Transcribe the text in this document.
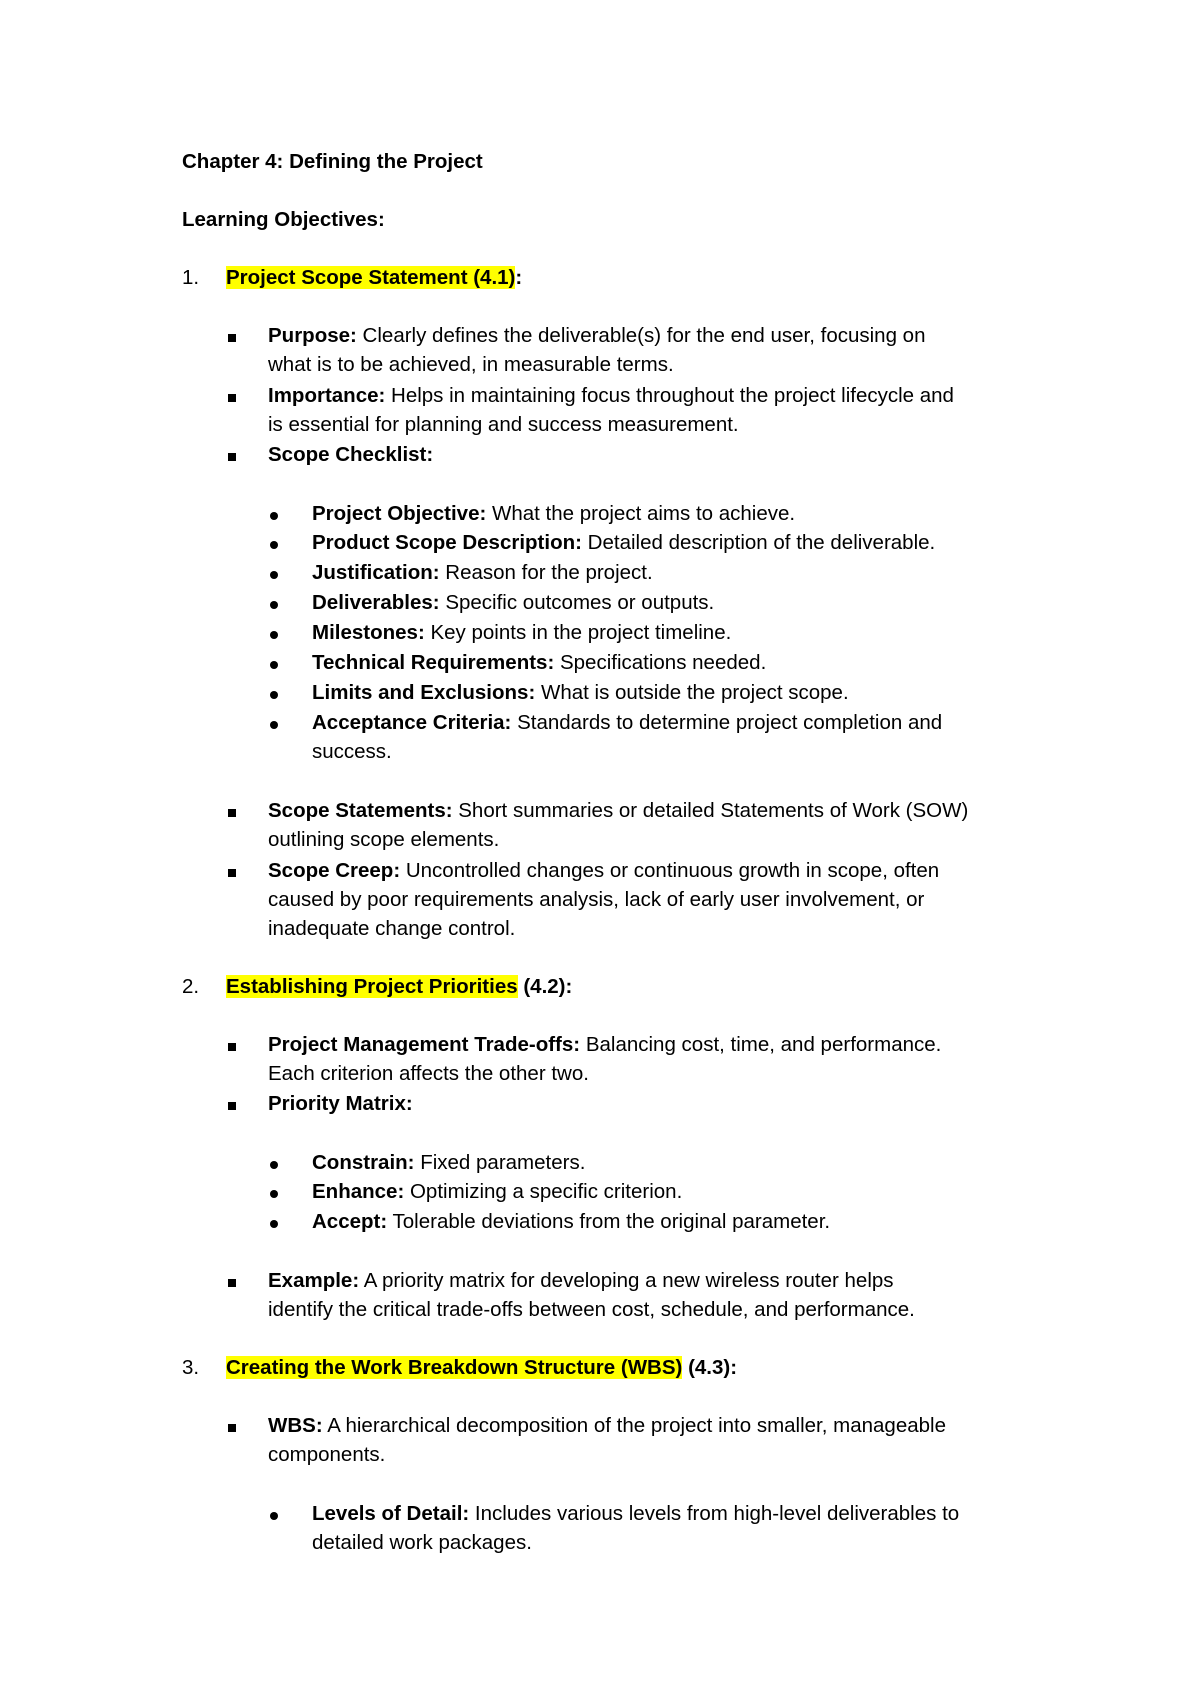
Chapter 4: Defining the Project
Learning Objectives:
1. Project Scope Statement (4.1):
Purpose: Clearly defines the deliverable(s) for the end user, focusing on
what is to be achieved, in measurable terms.
Importance: Helps in maintaining focus throughout the project lifecycle and
is essential for planning and success measurement.
Scope Checklist:
Project Objective: What the project aims to achieve.
Product Scope Description: Detailed description of the deliverable.
Justification: Reason for the project.
Deliverables: Specific outcomes or outputs.
Milestones: Key points in the project timeline.
Technical Requirements: Specifications needed.
Limits and Exclusions: What is outside the project scope.
Acceptance Criteria: Standards to determine project completion and
success.
Scope Statements: Short summaries or detailed Statements of Work (SOW)
outlining scope elements.
Scope Creep: Uncontrolled changes or continuous growth in scope, often
caused by poor requirements analysis, lack of early user involvement, or
inadequate change control.
2. Establishing Project Priorities (4.2):
Project Management Trade-offs: Balancing cost, time, and performance.
Each criterion affects the other two.
Priority Matrix:
Constrain: Fixed parameters.
Enhance: Optimizing a specific criterion.
Accept: Tolerable deviations from the original parameter.
Example: A priority matrix for developing a new wireless router helps
identify the critical trade-offs between cost, schedule, and performance.
3. Creating the Work Breakdown Structure (WBS) (4.3):
WBS: A hierarchical decomposition of the project into smaller, manageable
components.
Levels of Detail: Includes various levels from high-level deliverables to
detailed work packages.
